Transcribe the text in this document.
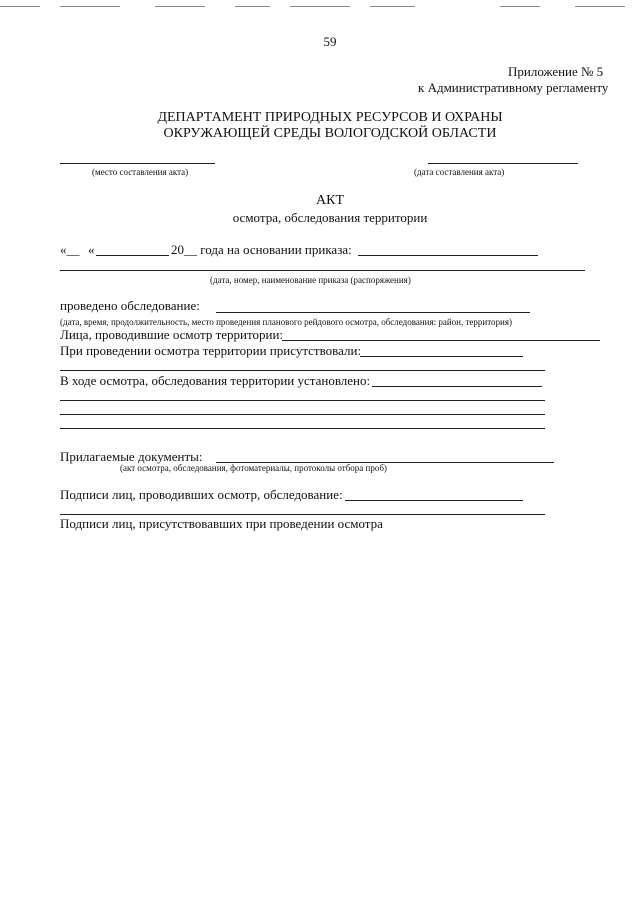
59
Приложение № 5
к Административному регламенту
ДЕПАРТАМЕНТ ПРИРОДНЫХ РЕСУРСОВ И ОХРАНЫ
ОКРУЖАЮЩЕЙ СРЕДЫ ВОЛОГОДСКОЙ ОБЛАСТИ
(место составления акта)	(дата составления акта)
АКТ
осмотра, обследования территории
«__ «	20__ года на основании приказа:
(дата, номер, наименование приказа (распоряжения)
проведено обследование:
(дата, время, продолжительность, место проведения планового рейдового осмотра, обследования: район, территория)
Лица, проводившие осмотр территории:
При проведении осмотра территории присутствовали:
В ходе осмотра, обследования территории установлено:
Прилагаемые документы:
(акт осмотра, обследования, фотоматериалы, протоколы отбора проб)
Подписи лиц, проводивших осмотр, обследование:
Подписи лиц, присутствовавших при проведении осмотра
